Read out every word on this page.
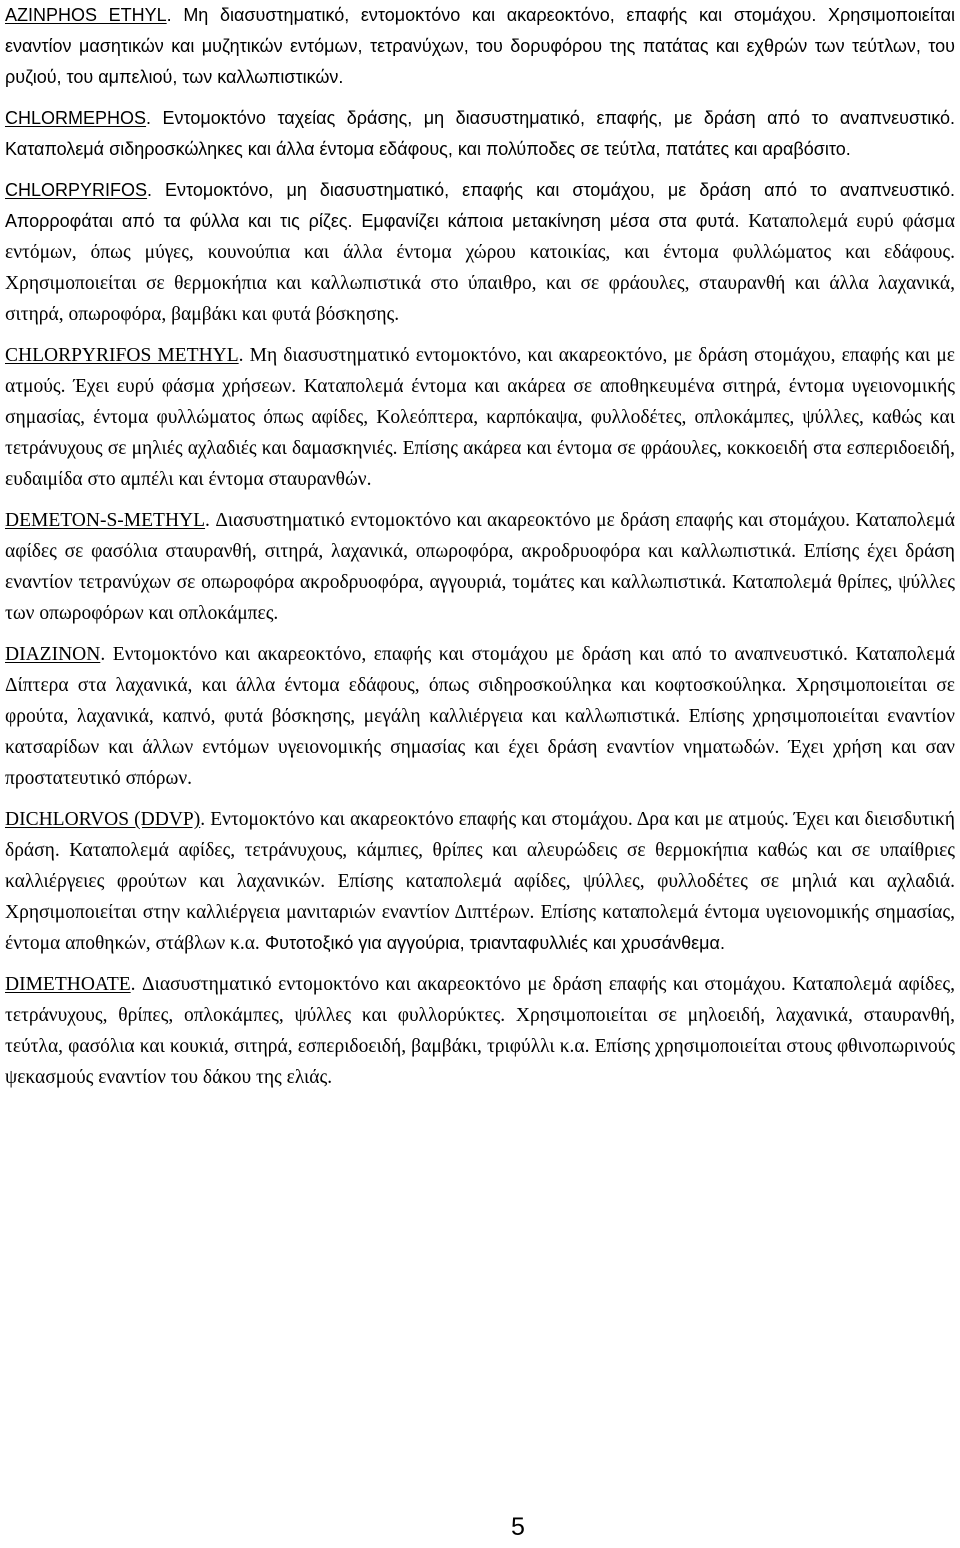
AZINPHOS ETHYL. Μη διασυστηματικό, εντομοκτόνο και ακαρεοκτόνο, επαφής και στομάχου. Χρησιμοποιείται εναντίον μασητικών και μυζητικών εντόμων, τετρανύχων, του δορυφόρου της πατάτας και εχθρών των τεύτλων, του ρυζιού, του αμπελιού, των καλλωπιστικών.

CHLORMEPHOS. Εντομοκτόνο ταχείας δράσης, μη διασυστηματικό, επαφής, με δράση από το αναπνευστικό. Καταπολεμά σιδηροσκώληκες και άλλα έντομα εδάφους, και πολύποδες σε τεύτλα, πατάτες και αραβόσιτο.

CHLORPYRIFOS. Εντομοκτόνο, μη διασυστηματικό, επαφής και στομάχου, με δράση από το αναπνευστικό. Απορροφάται από τα φύλλα και τις ρίζες. Εμφανίζει κάποια μετακίνηση μέσα στα φυτά. Καταπολεμά ευρύ φάσμα εντόμων, όπως μύγες, κουνούπια και άλλα έντομα χώρου κατοικίας, και έντομα φυλλώματος και εδάφους. Χρησιμοποιείται σε θερμοκήπια και καλλωπιστικά στο ύπαιθρο, και σε φράουλες, σταυρανθή και άλλα λαχανικά, σιτηρά, οπωροφόρα, βαμβάκι και φυτά βόσκησης.

CHLORPYRIFOS METHYL. Μη διασυστηματικό εντομοκτόνο, και ακαρεοκτόνο, με δράση στομάχου, επαφής και με ατμούς. Έχει ευρύ φάσμα χρήσεων. Καταπολεμά έντομα και ακάρεα σε αποθηκευμένα σιτηρά, έντομα υγειονομικής σημασίας, έντομα φυλλώματος όπως αφίδες, Κολεόπτερα, καρπόκαψα, φυλλοδέτες, οπλοκάμπες, ψύλλες, καθώς και τετράνυχους σε μηλιές αχλαδιές και δαμασκηνιές. Επίσης ακάρεα και έντομα σε φράουλες, κοκκοειδή στα εσπεριδοειδή, ευδαιμίδα στο αμπέλι και έντομα σταυρανθών.

DEMETON-S-METHYL. Διασυστηματικό εντομοκτόνο και ακαρεοκτόνο με δράση επαφής και στομάχου. Καταπολεμά αφίδες σε φασόλια σταυρανθή, σιτηρά, λαχανικά, οπωροφόρα, ακροδρυοφόρα και καλλωπιστικά. Επίσης έχει δράση εναντίον τετρανύχων σε οπωροφόρα ακροδρυοφόρα, αγγουριά, τομάτες και καλλωπιστικά. Καταπολεμά θρίπες, ψύλλες των οπωροφόρων και οπλοκάμπες.

DIAZINON. Εντομοκτόνο και ακαρεοκτόνο, επαφής και στομάχου με δράση και από το αναπνευστικό. Καταπολεμά Δίπτερα στα λαχανικά, και άλλα έντομα εδάφους, όπως σιδηροσκούληκα και κοφτοσκούληκα. Χρησιμοποιείται σε φρούτα, λαχανικά, καπνό, φυτά βόσκησης, μεγάλη καλλιέργεια και καλλωπιστικά. Επίσης χρησιμοποιείται εναντίον κατσαρίδων και άλλων εντόμων υγειονομικής σημασίας και έχει δράση εναντίον νηματωδών. Έχει χρήση και σαν προστατευτικό σπόρων.

DICHLORVOS (DDVP). Εντομοκτόνο και ακαρεοκτόνο επαφής και στομάχου. Δρα και με ατμούς. Έχει και διεισδυτική δράση. Καταπολεμά αφίδες, τετράνυχους, κάμπιες, θρίπες και αλευρώδεις σε θερμοκήπια καθώς και σε υπαίθριες καλλιέργειες φρούτων και λαχανικών. Επίσης καταπολεμά αφίδες, ψύλλες, φυλλοδέτες σε μηλιά και αχλαδιά. Χρησιμοποιείται στην καλλιέργεια μανιταριών εναντίον Διπτέρων. Επίσης καταπολεμά έντομα υγειονομικής σημασίας, έντομα αποθηκών, στάβλων κ.α. Φυτοτοξικό για αγγούρια, τριανταφυλλιές και χρυσάνθεμα.

DIMETHOATE. Διασυστηματικό εντομοκτόνο και ακαρεοκτόνο με δράση επαφής και στομάχου. Καταπολεμά αφίδες, τετράνυχους, θρίπες, οπλοκάμπες, ψύλλες και φυλλορύκτες. Χρησιμοποιείται σε μηλοειδή, λαχανικά, σταυρανθή, τεύτλα, φασόλια και κουκιά, σιτηρά, εσπεριδοειδή, βαμβάκι, τριφύλλι κ.α. Επίσης χρησιμοποιείται στους φθινοπωρινούς ψεκασμούς εναντίον του δάκου της ελιάς.

5
